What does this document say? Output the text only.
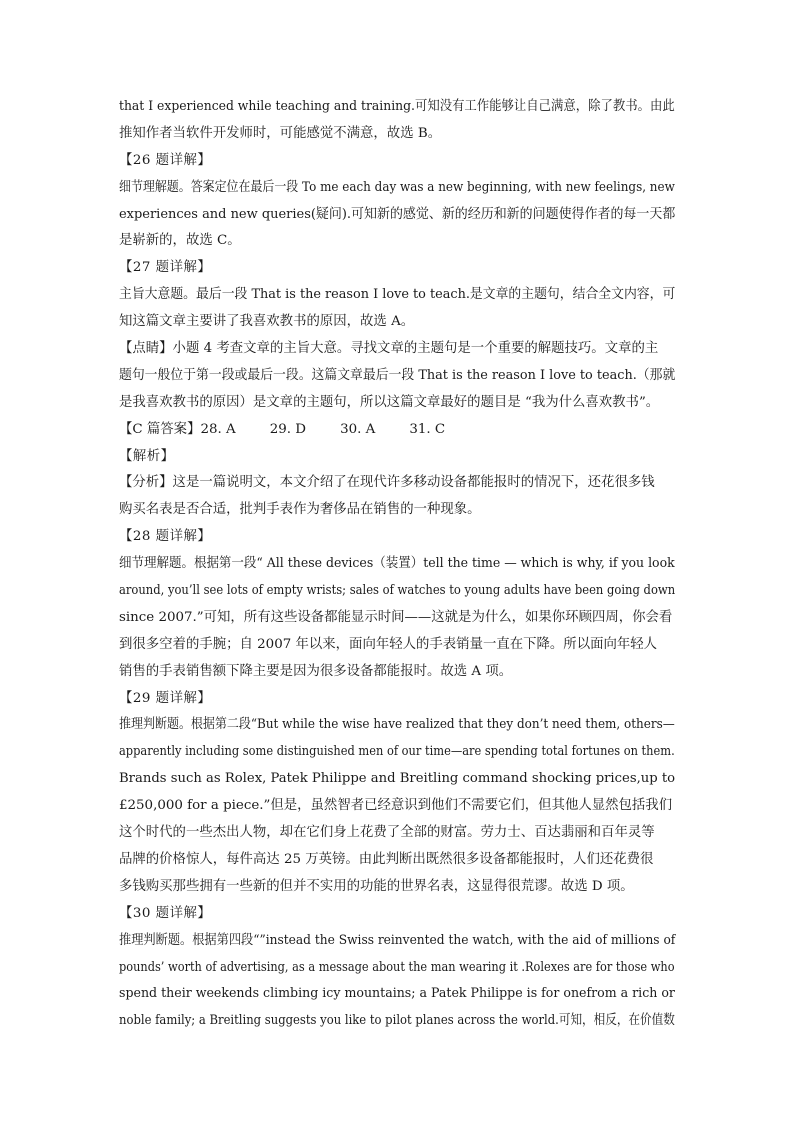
that I experienced while teaching and training.可知没有工作能够让自己满意，除了教书。由此
推知作者当软件开发师时，可能感觉不满意，故选 B。
【26 题详解】
细节理解题。答案定位在最后一段 To me each day was a new beginning, with new feelings, new
experiences and new queries(疑问).可知新的感觉、新的经历和新的问题使得作者的每一天都
是崭新的，故选 C。
【27 题详解】
主旨大意题。最后一段 That is the reason I love to teach.是文章的主题句，结合全文内容，可
知这篇文章主要讲了我喜欢教书的原因，故选 A。
【点睛】小题 4 考查文章的主旨大意。寻找文章的主题句是一个重要的解题技巧。文章的主
题句一般位于第一段或最后一段。这篇文章最后一段 That is the reason I love to teach.（那就
是我喜欢教书的原因）是文章的主题句，所以这篇文章最好的题目是 “我为什么喜欢教书”。
【C 篇答案】28. A        29. D        30. A        31. C
【解析】
【分析】这是一篇说明文，本文介绍了在现代许多移动设备都能报时的情况下，还花很多钱
购买名表是否合适，批判手表作为奢侈品在销售的一种现象。
【28 题详解】
细节理解题。根据第一段“ All these devices（装置）tell the time — which is why, if you look
around, you’ll see lots of empty wrists; sales of watches to young adults have been going down
since 2007.”可知，所有这些设备都能显示时间——这就是为什么，如果你环顾四周，你会看
到很多空着的手腕；自 2007 年以来，面向年轻人的手表销量一直在下降。所以面向年轻人
销售的手表销售额下降主要是因为很多设备都能报时。故选 A 项。
【29 题详解】
推理判断题。根据第二段“But while the wise have realized that they don’t need them, others—
apparently including some distinguished men of our time—are spending total fortunes on them.
Brands such as Rolex, Patek Philippe and Breitling command shocking prices, up to
£250,000 for a piece.”但是，虽然智者已经意识到他们不需要它们，但其他人显然包括我们
这个时代的一些杰出人物，却在它们身上花费了全部的财富。劳力士、百达翡丽和百年灵等
品牌的价格惊人，每件高达 25 万英镑。由此判断出既然很多设备都能报时，人们还花费很
多钱购买那些拥有一些新的但并不实用的功能的世界名表，这显得很荒谬。故选 D 项。
【30 题详解】
推理判断题。根据第四段“”instead the Swiss reinvented the watch, with the aid of millions of
pounds’ worth of advertising, as a message about the man wearing it .Rolexes are for those who
spend their weekends climbing icy mountains; a Patek Philippe is for one from a rich or
noble family; a Breitling suggests you like to pilot planes across the world.可知，相反，在价值数
